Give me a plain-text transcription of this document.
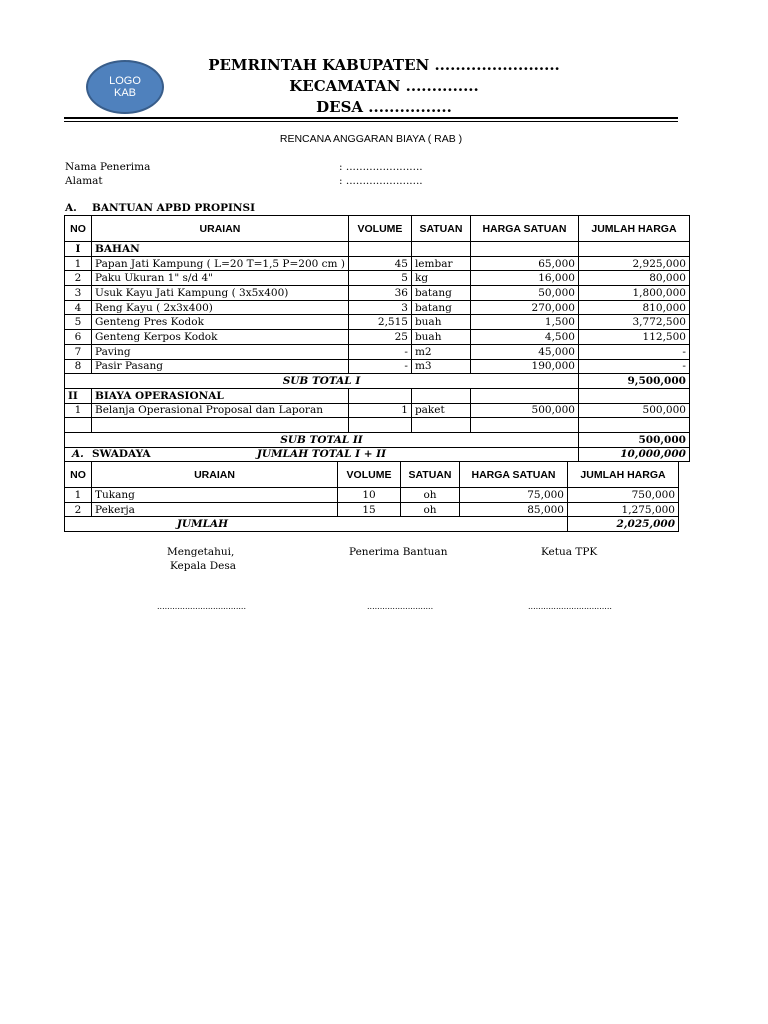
LOGO
KAB
PEMRINTAH KABUPATEN ........................
KECAMATAN ..............
DESA ................
RENCANA ANGGARAN BIAYA ( RAB )
Nama Penerima	: .......................
Alamat	: .......................
A. BANTUAN APBD PROPINSI
NO	URAIAN	VOLUME	SATUAN	HARGA SATUAN	JUMLAH HARGA
I	BAHAN				
1	Papan Jati Kampung ( L=20 T=1,5 P=200 cm )	45	lembar	65,000	2,925,000
2	Paku Ukuran 1" s/d 4"	5	kg	16,000	80,000
3	Usuk Kayu Jati Kampung ( 3x5x400)	36	batang	50,000	1,800,000
4	Reng Kayu ( 2x3x400)	3	batang	270,000	810,000
5	Genteng Pres Kodok	2,515	buah	1,500	3,772,500
6	Genteng Kerpos Kodok	25	buah	4,500	112,500
7	Paving	-	m2	45,000	-
8	Pasir Pasang	-	m3	190,000	-
SUB TOTAL I					9,500,000
II	BIAYA OPERASIONAL				
1	Belanja Operasional Proposal dan Laporan	1	paket	500,000	500,000

SUB TOTAL II					500,000
JUMLAH TOTAL I + II					10,000,000
A. SWADAYA
NO	URAIAN	VOLUME	SATUAN	HARGA SATUAN	JUMLAH HARGA
1	Tukang	10	oh	75,000	750,000
2	Pekerja	15	oh	85,000	1,275,000
JUMLAH					2,025,000
Mengetahui,
Kepala Desa
...................................
Penerima Bantuan
..........................
Ketua TPK
.................................
